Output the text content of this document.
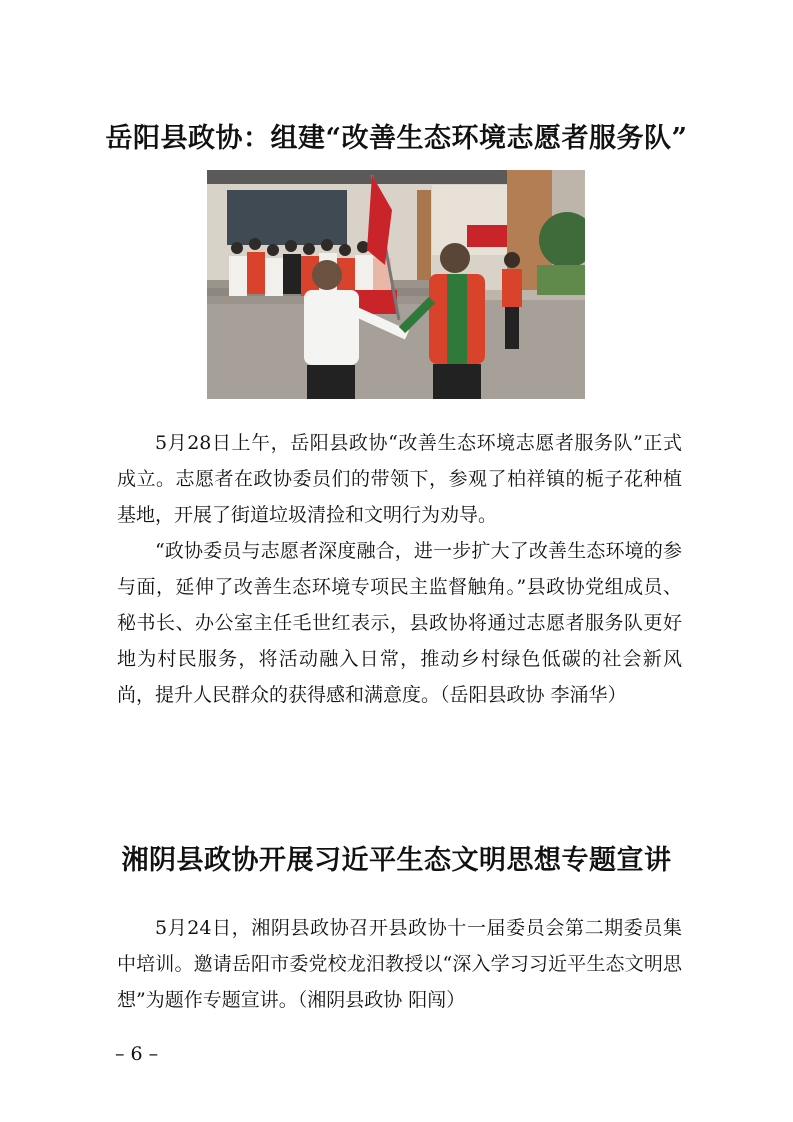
岳阳县政协：组建“改善生态环境志愿者服务队”
5月28日上午，岳阳县政协“改善生态环境志愿者服务队”正式成立。志愿者在政协委员们的带领下，参观了柏祥镇的栀子花种植基地，开展了街道垃圾清捡和文明行为劝导。
“政协委员与志愿者深度融合，进一步扩大了改善生态环境的参与面，延伸了改善生态环境专项民主监督触角。”县政协党组成员、秘书长、办公室主任毛世红表示，县政协将通过志愿者服务队更好地为村民服务，将活动融入日常，推动乡村绿色低碳的社会新风尚，提升人民群众的获得感和满意度。（岳阳县政协 李涌华）
湘阴县政协开展习近平生态文明思想专题宣讲
5月24日，湘阴县政协召开县政协十一届委员会第二期委员集中培训。邀请岳阳市委党校龙汨教授以“深入学习习近平生态文明思想”为题作专题宣讲。（湘阴县政协 阳闯）
– 6 –
